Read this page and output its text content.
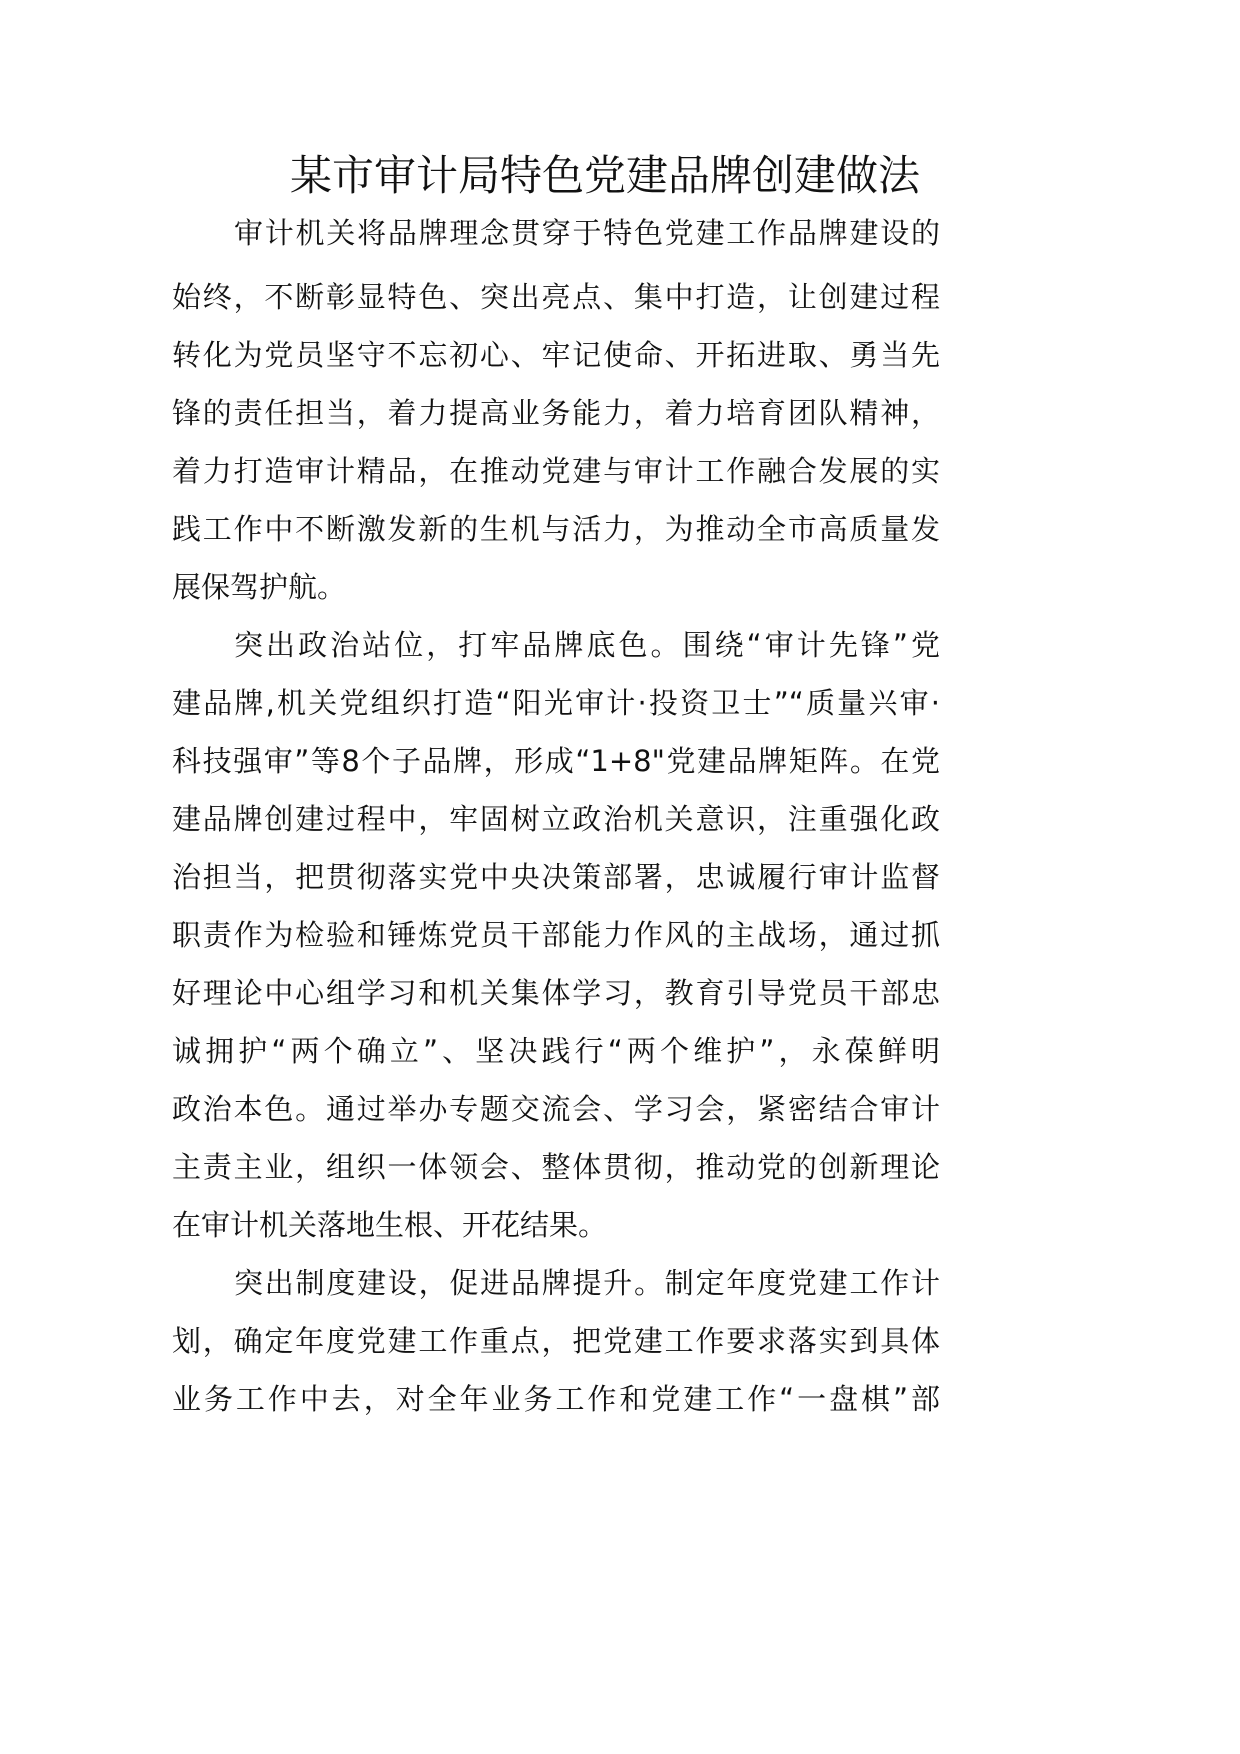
某市审计局特色党建品牌创建做法
审计机关将品牌理念贯穿于特色党建工作品牌建设的
始终，不断彰显特色、突出亮点、集中打造，让创建过程
转化为党员坚守不忘初心、牢记使命、开拓进取、勇当先
锋的责任担当，着力提高业务能力，着力培育团队精神，
着力打造审计精品，在推动党建与审计工作融合发展的实
践工作中不断激发新的生机与活力，为推动全市高质量发
展保驾护航。
突出政治站位，打牢品牌底色。围绕“审计先锋”党
建品牌,机关党组织打造“阳光审计·投资卫士”“质量兴审·
科技强审”等8个子品牌，形成“1+8"党建品牌矩阵。在党
建品牌创建过程中，牢固树立政治机关意识，注重强化政
治担当，把贯彻落实党中央决策部署，忠诚履行审计监督
职责作为检验和锤炼党员干部能力作风的主战场，通过抓
好理论中心组学习和机关集体学习，教育引导党员干部忠
诚拥护“两个确立”、坚决践行“两个维护”，永葆鲜明
政治本色。通过举办专题交流会、学习会，紧密结合审计
主责主业，组织一体领会、整体贯彻，推动党的创新理论
在审计机关落地生根、开花结果。
突出制度建设，促进品牌提升。制定年度党建工作计
划，确定年度党建工作重点，把党建工作要求落实到具体
业务工作中去，对全年业务工作和党建工作“一盘棋”部
